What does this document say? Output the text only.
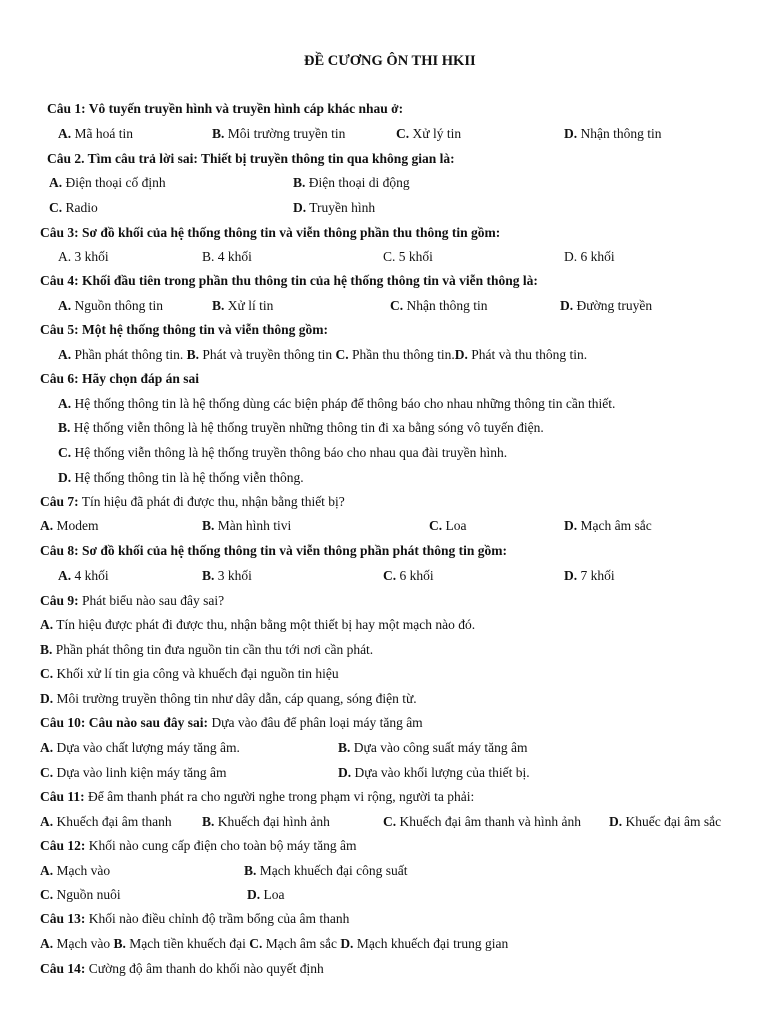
ĐỀ CƯƠNG ÔN THI HKII
Câu 1: Vô tuyến truyền hình và truyền hình cáp khác nhau ở:
A. Mã hoá tin	B. Môi trường truyền tin	C. Xử lý tin	D. Nhận thông tin
Câu 2. Tìm câu trả lời sai: Thiết bị truyền thông tin qua không gian là:
A. Điện thoại cố định	B. Điện thoại di động
C. Radio	D. Truyền hình
Câu 3: Sơ đồ khối của hệ thống thông tin và viễn thông phần thu thông tin gồm:
A. 3 khối	B. 4 khối	C. 5 khối	D. 6 khối
Câu 4: Khối đầu tiên trong phần thu thông tin của hệ thống thông tin và viễn thông là:
A. Nguồn thông tin	B. Xử lí tin	C. Nhận thông tin	D. Đường truyền
Câu 5: Một hệ thống thông tin và viễn thông gồm:
A. Phần phát thông tin. B. Phát và truyền thông tin C. Phần thu thông tin.D. Phát và thu thông tin.
Câu 6: Hãy chọn đáp án sai
A. Hệ thống thông tin là hệ thống dùng các biện pháp để thông báo cho nhau những thông tin cần thiết.
B. Hệ thống viễn thông là hệ thống truyền những thông tin đi xa bằng sóng vô tuyến điện.
C. Hệ thống viễn thông là hệ thống truyền thông báo cho nhau qua đài truyền hình.
D. Hệ thống thông tin là hệ thống viễn thông.
Câu 7: Tín hiệu đã phát đi được thu, nhận bằng thiết bị?
A. Modem	B. Màn hình tivi	C. Loa	D. Mạch âm sắc
Câu 8: Sơ đồ khối của hệ thống thông tin và viễn thông phần phát thông tin gồm:
A. 4 khối	B. 3 khối	C. 6 khối	D. 7 khối
Câu 9: Phát biểu nào sau đây sai?
A. Tín hiệu được phát đi được thu, nhận bằng một thiết bị hay một mạch nào đó.
B. Phần phát thông tin đưa nguồn tin cần thu tới nơi cần phát.
C. Khối xử lí tin gia công và khuếch đại nguồn tin hiệu
D. Môi trường truyền thông tin như dây dẫn, cáp quang, sóng điện từ.
Câu 10: Câu nào sau đây sai: Dựa vào đâu để phân loại máy tăng âm
A. Dựa vào chất lượng máy tăng âm.	B. Dựa vào công suất máy tăng âm
C. Dựa vào linh kiện máy tăng âm	D. Dựa vào khối lượng của thiết bị.
Câu 11: Để âm thanh phát ra cho người nghe trong phạm vi rộng, người ta phải:
A. Khuếch đại âm thanh B. Khuếch đại hình ảnh	C. Khuếch đại âm thanh và hình ảnh D. Khuếc đại âm sắc
Câu 12: Khối nào cung cấp điện cho toàn bộ máy tăng âm
A. Mạch vào	B. Mạch khuếch đại công suất
C. Nguồn nuôi	D. Loa
Câu 13: Khối nào điều chỉnh độ trầm bổng của âm thanh
A. Mạch vào B. Mạch tiền khuếch đại C. Mạch âm sắc D. Mạch khuếch đại trung gian
Câu 14: Cường độ âm thanh do khối nào quyết định
